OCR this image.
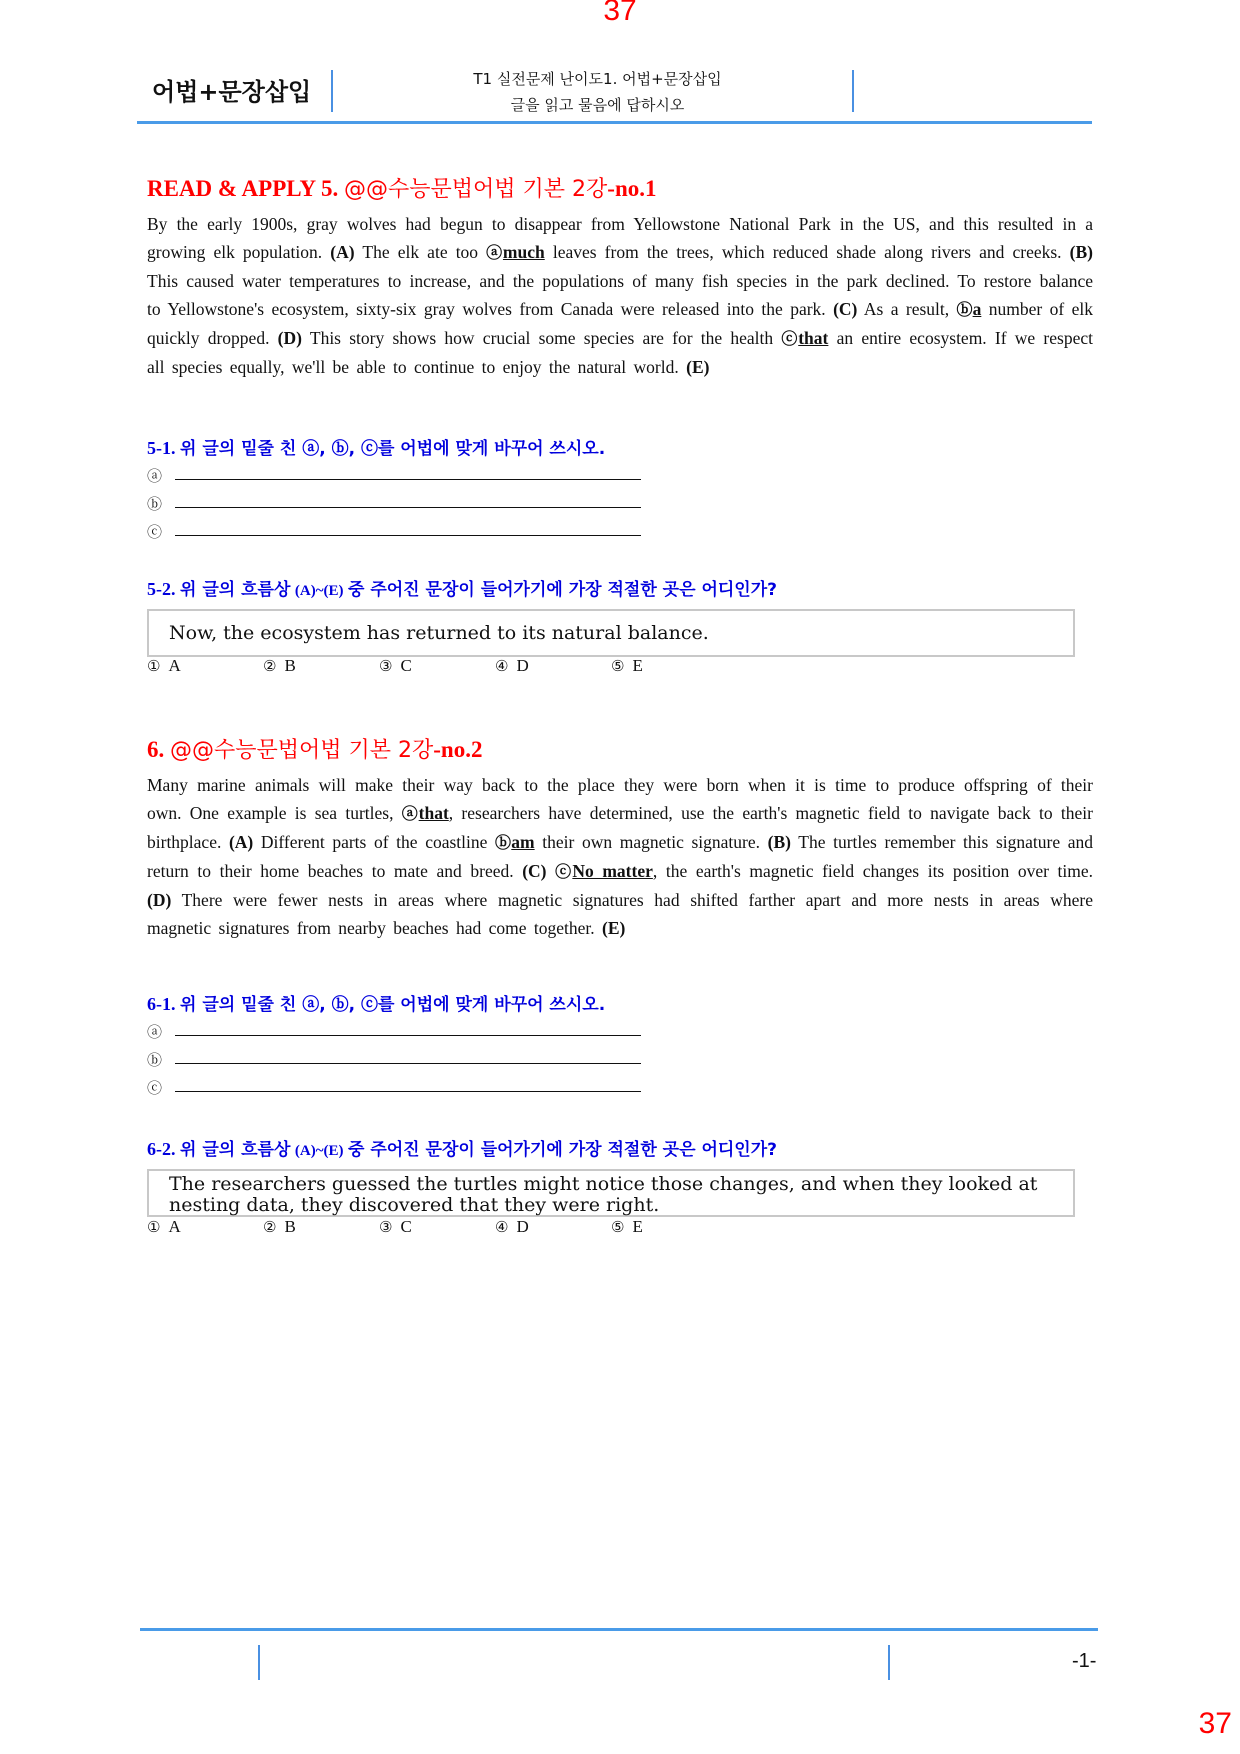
37
어법+문장삽입	T1 실전문제 난이도1. 어법+문장삽입
글을 읽고 물음에 답하시오
READ & APPLY 5. @@수능문법어법 기본 2강-no.1
By the early 1900s, gray wolves had begun to disappear from Yellowstone National Park in the US, and this resulted in a growing elk population. (A) The elk ate too ⓐmuch leaves from the trees, which reduced shade along rivers and creeks. (B) This caused water temperatures to increase, and the populations of many fish species in the park declined. To restore balance to Yellowstone's ecosystem, sixty-six gray wolves from Canada were released into the park. (C) As a result, ⓑa number of elk quickly dropped. (D) This story shows how crucial some species are for the health ⓒthat an entire ecosystem. If we respect all species equally, we'll be able to continue to enjoy the natural world. (E)
5-1. 위 글의 밑줄 친 ⓐ, ⓑ, ⓒ를 어법에 맞게 바꾸어 쓰시오.
ⓐ
ⓑ
ⓒ
5-2. 위 글의 흐름상 (A)~(E) 중 주어진 문장이 들어가기에 가장 적절한 곳은 어디인가?
Now, the ecosystem has returned to its natural balance.
① A	② B	③ C	④ D	⑤ E
6. @@수능문법어법 기본 2강-no.2
Many marine animals will make their way back to the place they were born when it is time to produce offspring of their own. One example is sea turtles, ⓐthat, researchers have determined, use the earth's magnetic field to navigate back to their birthplace. (A) Different parts of the coastline ⓑam their own magnetic signature. (B) The turtles remember this signature and return to their home beaches to mate and breed. (C) ⓒNo matter, the earth's magnetic field changes its position over time. (D) There were fewer nests in areas where magnetic signatures had shifted farther apart and more nests in areas where magnetic signatures from nearby beaches had come together. (E)
6-1. 위 글의 밑줄 친 ⓐ, ⓑ, ⓒ를 어법에 맞게 바꾸어 쓰시오.
ⓐ
ⓑ
ⓒ
6-2. 위 글의 흐름상 (A)~(E) 중 주어진 문장이 들어가기에 가장 적절한 곳은 어디인가?
The researchers guessed the turtles might notice those changes, and when they looked at nesting data, they discovered that they were right.
① A	② B	③ C	④ D	⑤ E
-1-
37
